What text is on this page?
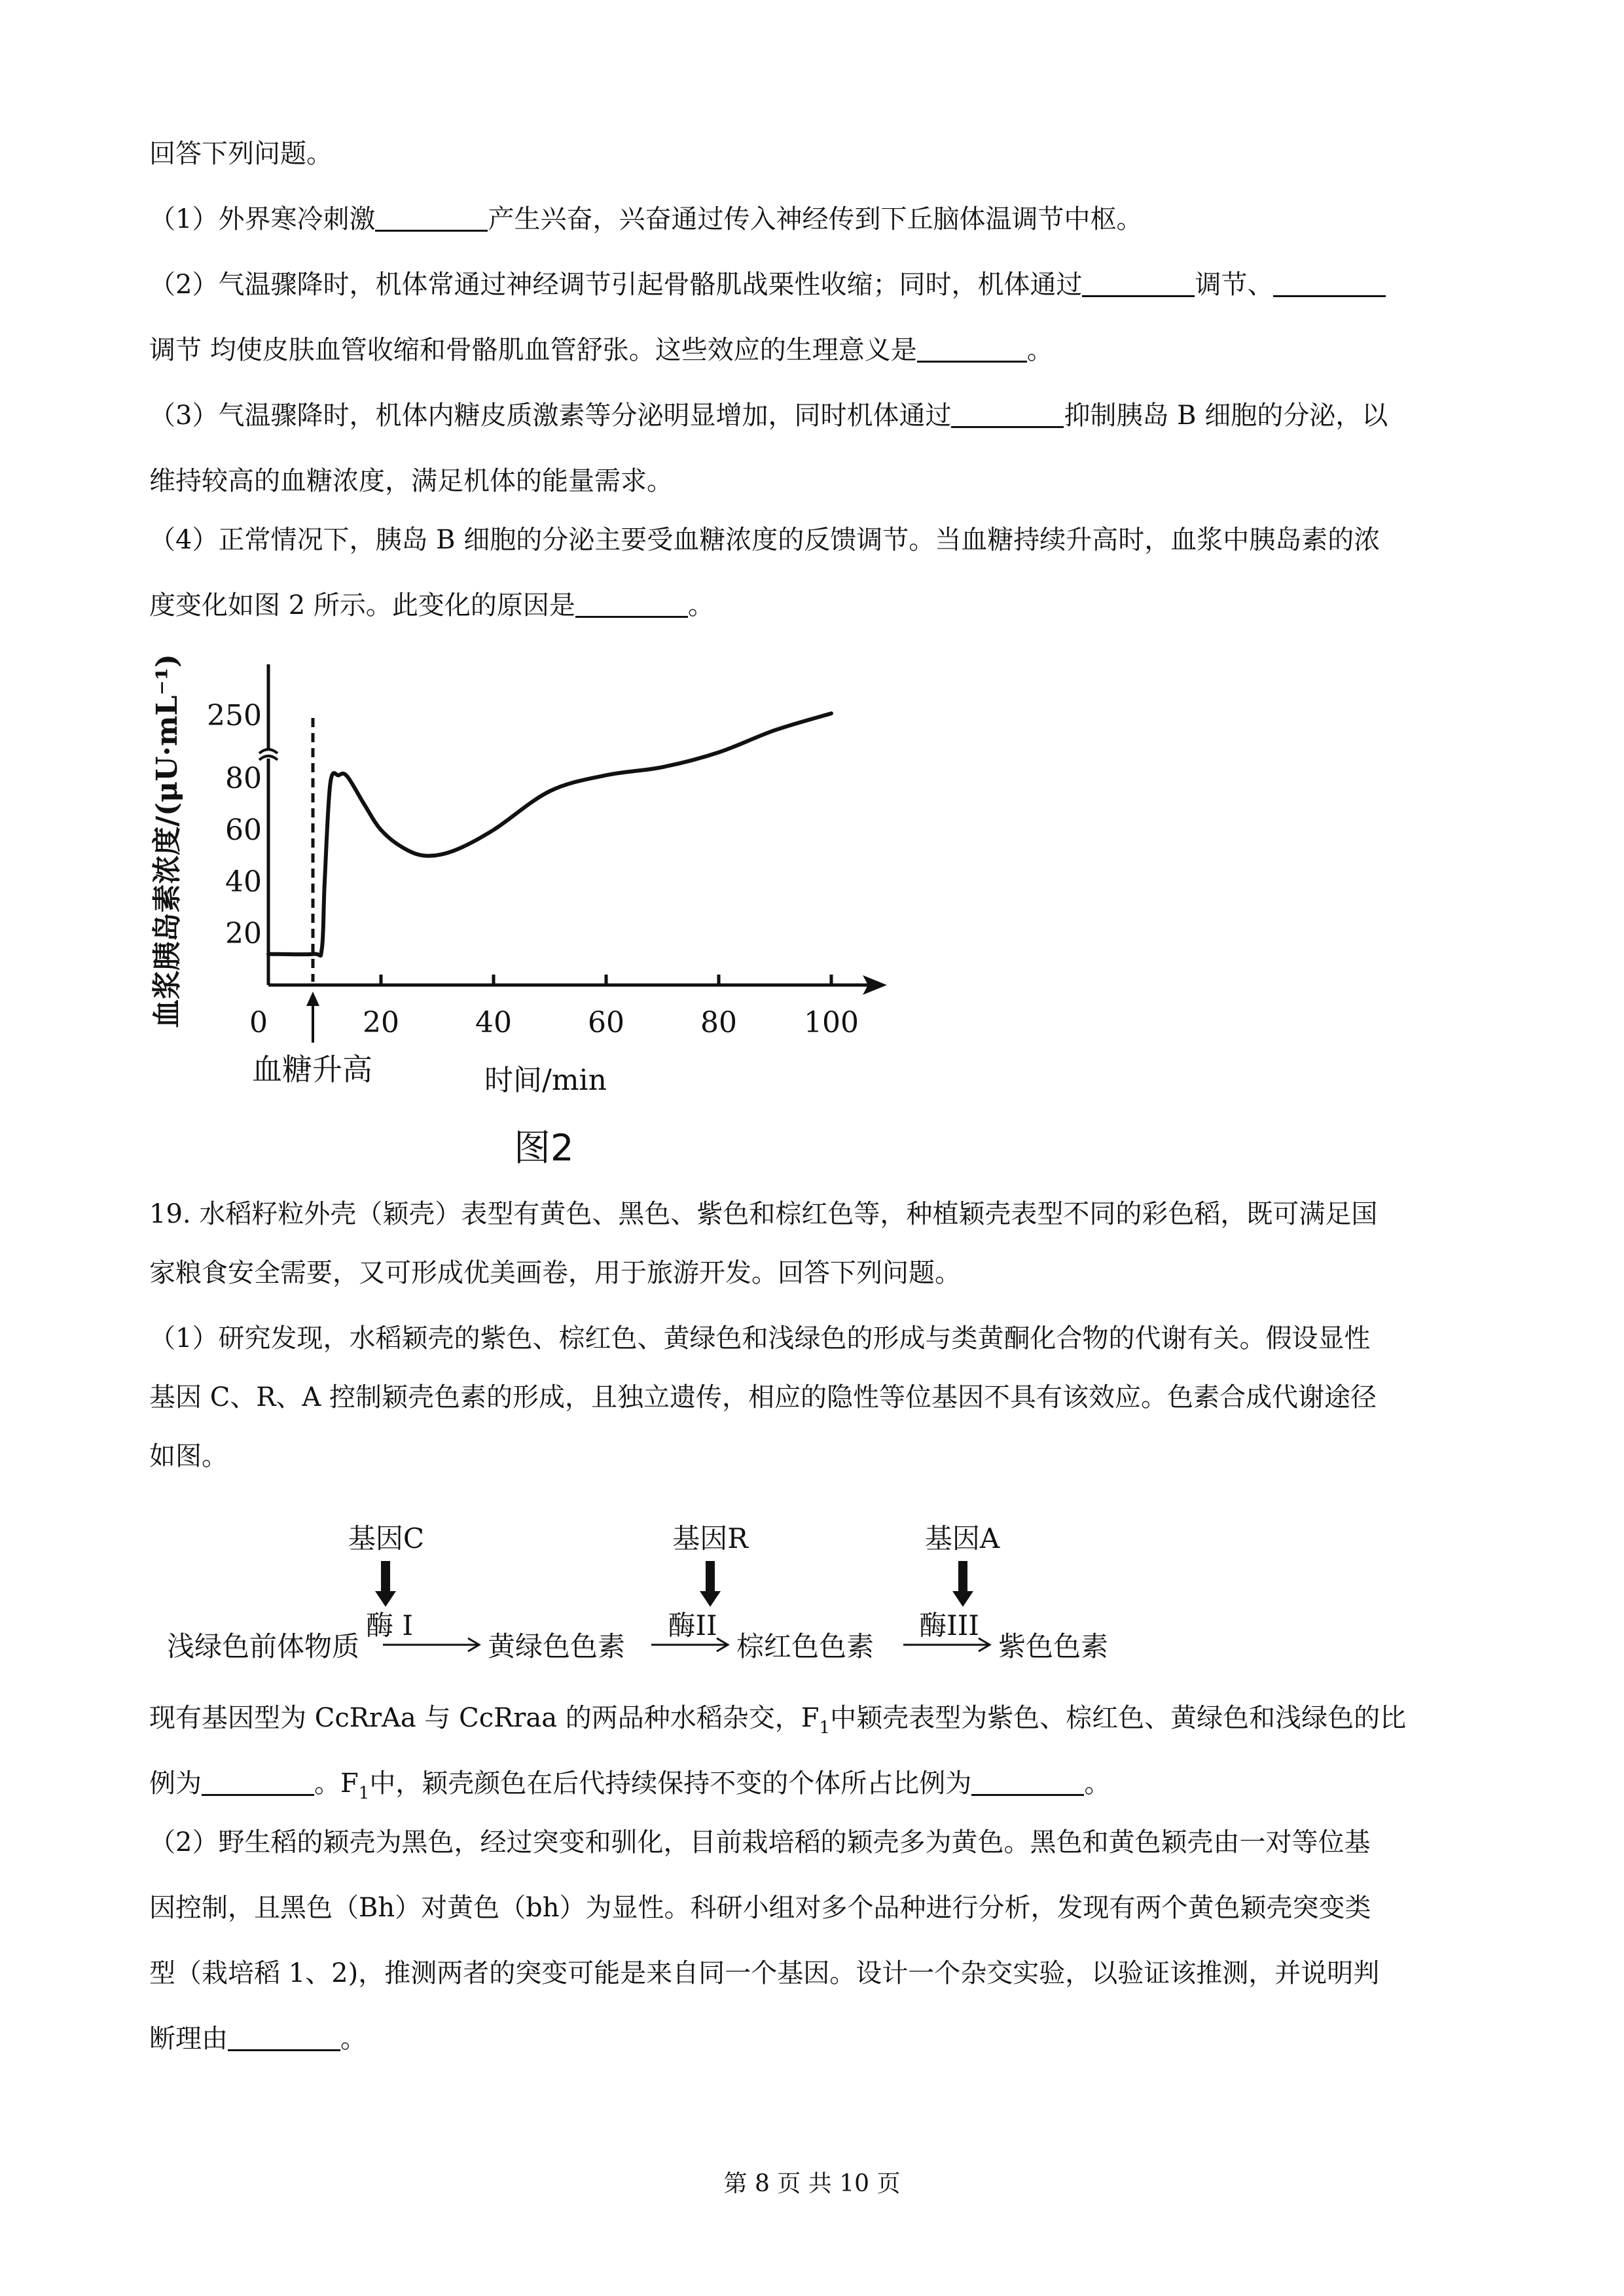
回答下列问题。

（1）外界寒冷刺激	产生兴奋，兴奋通过传入神经传到下丘脑体温调节中枢。

（2）气温骤降时，机体常通过神经调节引起骨骼肌战栗性收缩；同时，机体通过	调节、

调节 均使皮肤血管收缩和骨骼肌血管舒张。这些效应的生理意义是	。

（3）气温骤降时，机体内糖皮质激素等分泌明显增加，同时机体通过	抑制胰岛 B 细胞的分泌，以

维持较高的血糖浓度，满足机体的能量需求。

（4）正常情况下，胰岛 B 细胞的分泌主要受血糖浓度的反馈调节。当血糖持续升高时，血浆中胰岛素的浓

度变化如图 2 所示。此变化的原因是	。

0	20	40	60	80 100
20
40
60
80
250
血浆胰岛素浓度/(μU·mL⁻¹)
时间/min
血糖升高
图2

19. 水稻籽粒外壳（颖壳）表型有黄色、黑色、紫色和棕红色等，种植颖壳表型不同的彩色稻，既可满足国

家粮食安全需要，又可形成优美画卷，用于旅游开发。回答下列问题。

（1）研究发现，水稻颖壳的紫色、棕红色、黄绿色和浅绿色的形成与类黄酮化合物的代谢有关。假设显性

基因 C、R、A 控制颖壳色素的形成，且独立遗传，相应的隐性等位基因不具有该效应。色素合成代谢途径

如图。

基因C	基因R	基因A
酶 I	酶II	酶III
浅绿色前体物质	黄绿色色素	棕红色色素	紫色色素

现有基因型为 CcRrAa 与 CcRraa 的两品种水稻杂交，$F_1$中颖壳表型为紫色、棕红色、黄绿色和浅绿色的比

例为	。$F_1$中，颖壳颜色在后代持续保持不变的个体所占比例为	。

（2）野生稻的颖壳为黑色，经过突变和驯化，目前栽培稻的颖壳多为黄色。黑色和黄色颖壳由一对等位基

因控制，且黑色（Bh）对黄色（bh）为显性。科研小组对多个品种进行分析，发现有两个黄色颖壳突变类

型（栽培稻 1、2)，推测两者的突变可能是来自同一个基因。设计一个杂交实验，以验证该推测，并说明判

断理由	。

第 8 页 共 10 页
